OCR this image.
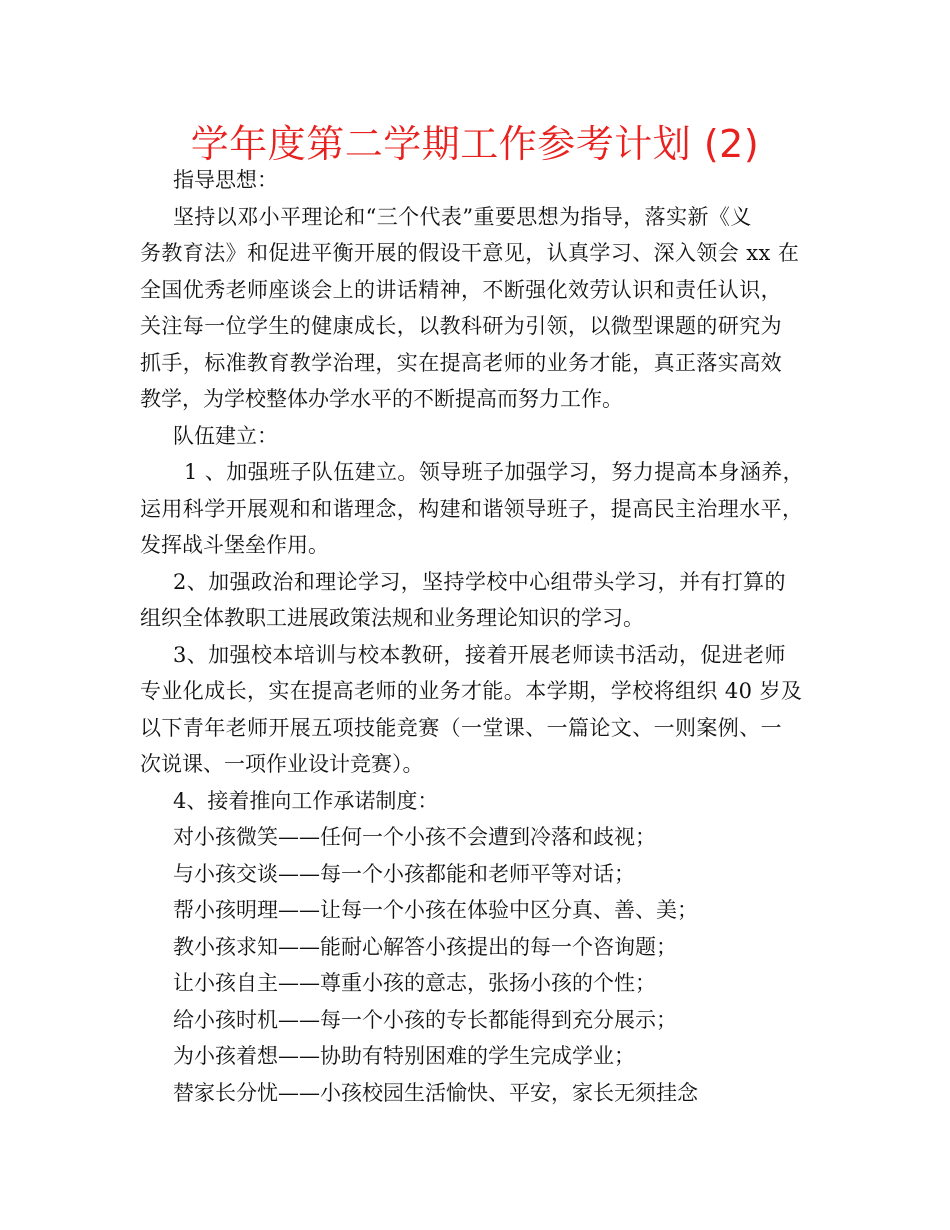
学年度第二学期工作参考计划 (2)
指导思想：
坚持以邓小平理论和“三个代表”重要思想为指导，落实新《义
务教育法》和促进平衡开展的假设干意见，认真学习、深入领会 xx 在
全国优秀老师座谈会上的讲话精神，不断强化效劳认识和责任认识，
关注每一位学生的健康成长，以教科研为引领，以微型课题的研究为
抓手，标准教育教学治理，实在提高老师的业务才能，真正落实高效
教学，为学校整体办学水平的不断提高而努力工作。
队伍建立：
1 、加强班子队伍建立。领导班子加强学习，努力提高本身涵养，
运用科学开展观和和谐理念，构建和谐领导班子，提高民主治理水平，
发挥战斗堡垒作用。
2、加强政治和理论学习，坚持学校中心组带头学习，并有打算的
组织全体教职工进展政策法规和业务理论知识的学习。
3、加强校本培训与校本教研，接着开展老师读书活动，促进老师
专业化成长，实在提高老师的业务才能。本学期，学校将组织 40 岁及
以下青年老师开展五项技能竞赛（一堂课、一篇论文、一则案例、一
次说课、一项作业设计竞赛）。
4、接着推向工作承诺制度：
对小孩微笑——任何一个小孩不会遭到冷落和歧视；
与小孩交谈——每一个小孩都能和老师平等对话；
帮小孩明理——让每一个小孩在体验中区分真、善、美；
教小孩求知——能耐心解答小孩提出的每一个咨询题；
让小孩自主——尊重小孩的意志，张扬小孩的个性；
给小孩时机——每一个小孩的专长都能得到充分展示；
为小孩着想——协助有特别困难的学生完成学业；
替家长分忧——小孩校园生活愉快、平安，家长无须挂念
